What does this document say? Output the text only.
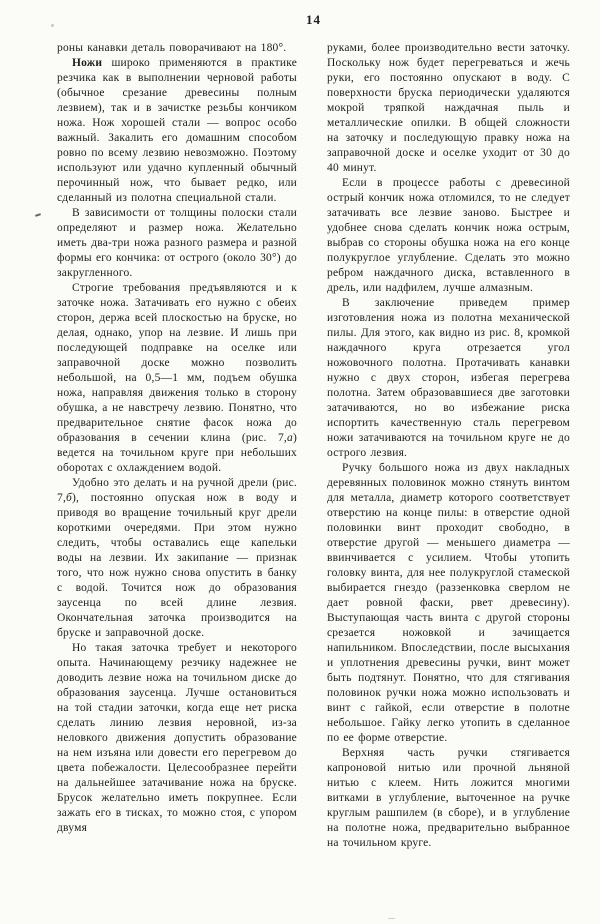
14

роны канавки деталь поворачивают на 180°.

Ножи широко применяются в практике резчика как в выполнении черновой работы (обычное срезание древесины полным лезвием), так и в зачистке резьбы кончиком ножа. Нож хорошей стали — вопрос особо важный. Закалить его домашним способом ровно по всему лезвию невозможно. Поэтому используют или удачно купленный обычный перочинный нож, что бывает редко, или сделанный из полотна специальной стали.

В зависимости от толщины полоски стали определяют и размер ножа. Желательно иметь два-три ножа разного размера и разной формы его кончика: от острого (около 30°) до закругленного.

Строгие требования предъявляются и к заточке ножа. Затачивать его нужно с обеих сторон, держа всей плоскостью на бруске, но делая, однако, упор на лезвие. И лишь при последующей подправке на оселке или заправочной доске можно позволить небольшой, на 0,5—1 мм, подъем обушка ножа, направляя движения только в сторону обушка, а не навстречу лезвию. Понятно, что предварительное снятие фасок ножа до образования в сечении клина (рис. 7,а) ведется на точильном круге при небольших оборотах с охлаждением водой.

Удобно это делать и на ручной дрели (рис. 7,б), постоянно опуская нож в воду и приводя во вращение точильный круг дрели короткими очередями. При этом нужно следить, чтобы оставались еще капельки воды на лезвии. Их закипание — признак того, что нож нужно снова опустить в банку с водой. Точится нож до образования заусенца по всей длине лезвия. Окончательная заточка производится на бруске и заправочной доске.

Но такая заточка требует и некоторого опыта. Начинающему резчику надежнее не доводить лезвие ножа на точильном диске до образования заусенца. Лучше остановиться на той стадии заточки, когда еще нет риска сделать линию лезвия неровной, из-за неловкого движения допустить образование на нем изъяна или довести его перегревом до цвета побежалости. Целесообразнее перейти на дальнейшее затачивание ножа на бруске. Брусок желательно иметь покрупнее. Если зажать его в тисках, то можно стоя, с упором двумя

руками, более производительно вести заточку. Поскольку нож будет перегреваться и жечь руки, его постоянно опускают в воду. С поверхности бруска периодически удаляются мокрой тряпкой наждачная пыль и металлические опилки. В общей сложности на заточку и последующую правку ножа на заправочной доске и оселке уходит от 30 до 40 минут.

Если в процессе работы с древесиной острый кончик ножа отломился, то не следует затачивать все лезвие заново. Быстрее и удобнее снова сделать кончик ножа острым, выбрав со стороны обушка ножа на его конце полукруглое углубление. Сделать это можно ребром наждачного диска, вставленного в дрель, или надфилем, лучше алмазным.

В заключение приведем пример изготовления ножа из полотна механической пилы. Для этого, как видно из рис. 8, кромкой наждачного круга отрезается угол ножовочного полотна. Протачивать канавки нужно с двух сторон, избегая перегрева полотна. Затем образовавшиеся две заготовки затачиваются, но во избежание риска испортить качественную сталь перегревом ножи затачиваются на точильном круге не до острого лезвия.

Ручку большого ножа из двух накладных деревянных половинок можно стянуть винтом для металла, диаметр которого соответствует отверстию на конце пилы: в отверстие одной половинки винт проходит свободно, в отверстие другой — меньшего диаметра — ввинчивается с усилием. Чтобы утопить головку винта, для нее полукруглой стамеской выбирается гнездо (раззенковка сверлом не дает ровной фаски, рвет древесину). Выступающая часть винта с другой стороны срезается ножовкой и зачищается напильником. Впоследствии, после высыхания и уплотнения древесины ручки, винт может быть подтянут. Понятно, что для стягивания половинок ручки ножа можно использовать и винт с гайкой, если отверстие в полотне небольшое. Гайку легко утопить в сделанное по ее форме отверстие.

Верхняя часть ручки стягивается капроновой нитью или прочной льняной нитью с клеем. Нить ложится многими витками в углубление, выточенное на ручке круглым рашпилем (в сборе), и в углубление на полотне ножа, предварительно выбранное на точильном круге.
